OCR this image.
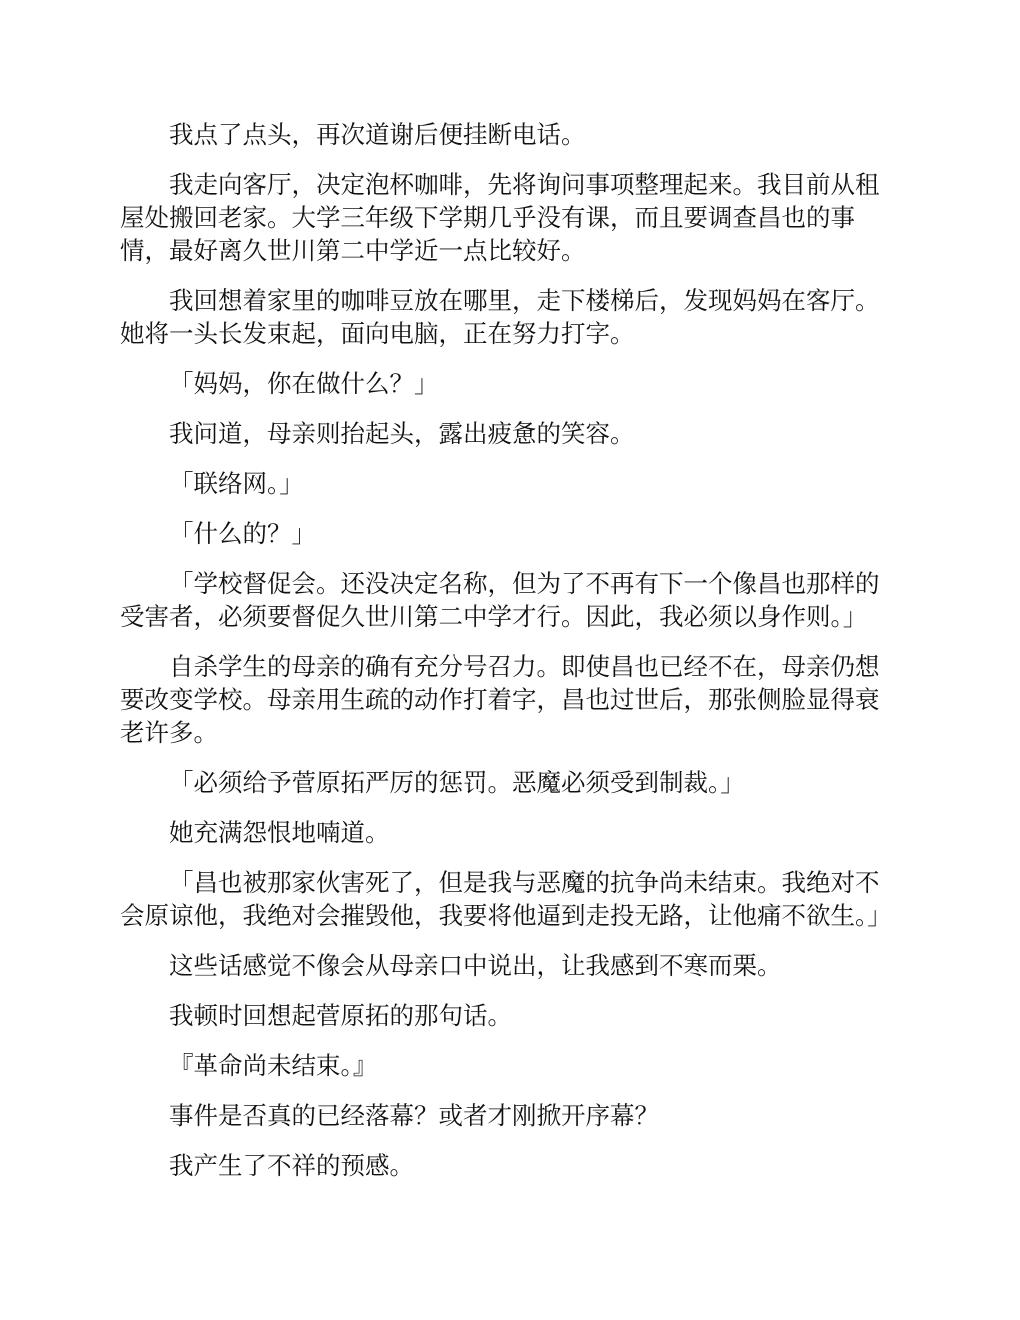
我点了点头，再次道谢后便挂断电话。

我走向客厅，决定泡杯咖啡，先将询问事项整理起来。我目前从租屋处搬回老家。大学三年级下学期几乎没有课，而且要调查昌也的事情，最好离久世川第二中学近一点比较好。

我回想着家里的咖啡豆放在哪里，走下楼梯后，发现妈妈在客厅。她将一头长发束起，面向电脑，正在努力打字。

「妈妈，你在做什么？」

我问道，母亲则抬起头，露出疲惫的笑容。

「联络网。」

「什么的？」

「学校督促会。还没决定名称，但为了不再有下一个像昌也那样的受害者，必须要督促久世川第二中学才行。因此，我必须以身作则。」

自杀学生的母亲的确有充分号召力。即使昌也已经不在，母亲仍想要改变学校。母亲用生疏的动作打着字，昌也过世后，那张侧脸显得衰老许多。

「必须给予菅原拓严厉的惩罚。恶魔必须受到制裁。」

她充满怨恨地喃道。

「昌也被那家伙害死了，但是我与恶魔的抗争尚未结束。我绝对不会原谅他，我绝对会摧毁他，我要将他逼到走投无路，让他痛不欲生。」

这些话感觉不像会从母亲口中说出，让我感到不寒而栗。

我顿时回想起菅原拓的那句话。

『革命尚未结束。』

事件是否真的已经落幕？或者才刚掀开序幕？

我产生了不祥的预感。
